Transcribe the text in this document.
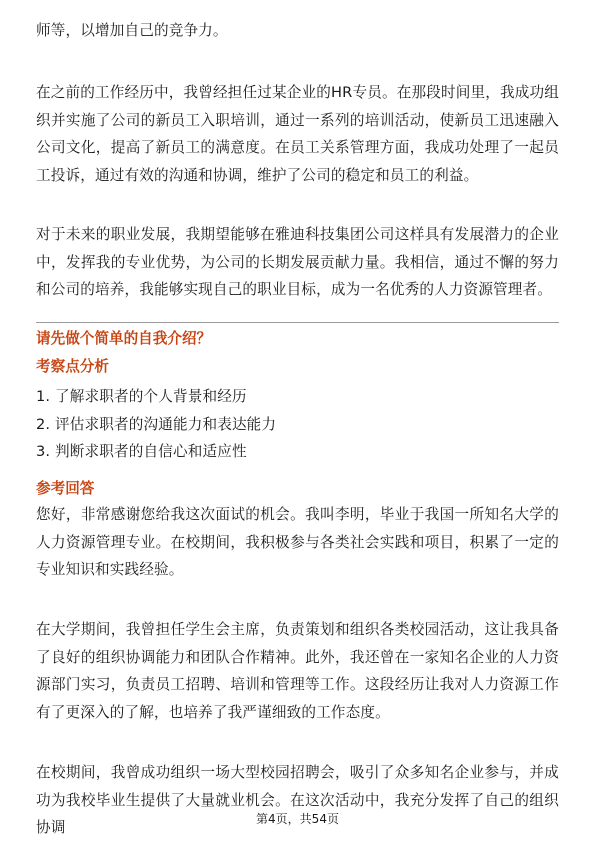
师等，以增加自己的竞争力。

在之前的工作经历中，我曾经担任过某企业的HR专员。在那段时间里，我成功组织并实施了公司的新员工入职培训，通过一系列的培训活动，使新员工迅速融入公司文化，提高了新员工的满意度。在员工关系管理方面，我成功处理了一起员工投诉，通过有效的沟通和协调，维护了公司的稳定和员工的利益。

对于未来的职业发展，我期望能够在雅迪科技集团公司这样具有发展潜力的企业中，发挥我的专业优势，为公司的长期发展贡献力量。我相信，通过不懈的努力和公司的培养，我能够实现自己的职业目标，成为一名优秀的人力资源管理者。

请先做个简单的自我介绍？

考察点分析

1. 了解求职者的个人背景和经历
2. 评估求职者的沟通能力和表达能力
3. 判断求职者的自信心和适应性

参考回答

您好，非常感谢您给我这次面试的机会。我叫李明，毕业于我国一所知名大学的人力资源管理专业。在校期间，我积极参与各类社会实践和项目，积累了一定的专业知识和实践经验。

在大学期间，我曾担任学生会主席，负责策划和组织各类校园活动，这让我具备了良好的组织协调能力和团队合作精神。此外，我还曾在一家知名企业的人力资源部门实习，负责员工招聘、培训和管理等工作。这段经历让我对人力资源工作有了更深入的了解，也培养了我严谨细致的工作态度。

在校期间，我曾成功组织一场大型校园招聘会，吸引了众多知名企业参与，并成功为我校毕业生提供了大量就业机会。在这次活动中，我充分发挥了自己的组织协调	第4页，共54页
